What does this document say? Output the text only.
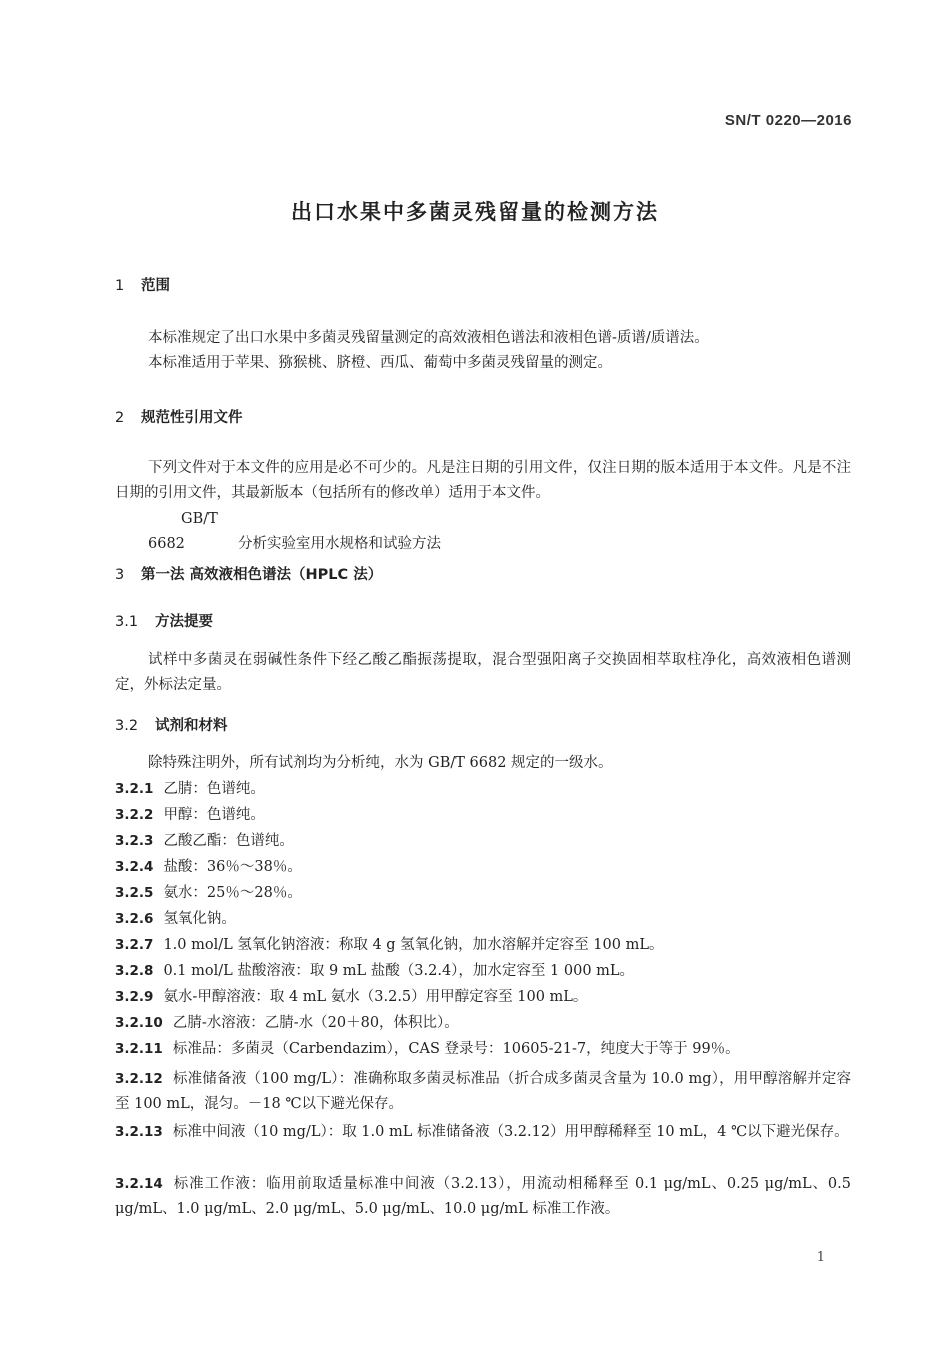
SN/T 0220—2016
出口水果中多菌灵残留量的检测方法
1 范围
本标准规定了出口水果中多菌灵残留量测定的高效液相色谱法和液相色谱-质谱/质谱法。
本标准适用于苹果、猕猴桃、脐橙、西瓜、葡萄中多菌灵残留量的测定。
2 规范性引用文件
下列文件对于本文件的应用是必不可少的。凡是注日期的引用文件，仅注日期的版本适用于本文件。凡是不注日期的引用文件，其最新版本（包括所有的修改单）适用于本文件。
GB/T 6682	分析实验室用水规格和试验方法
3 第一法 高效液相色谱法（HPLC 法）
3.1 方法提要
试样中多菌灵在弱碱性条件下经乙酸乙酯振荡提取，混合型强阳离子交换固相萃取柱净化，高效液相色谱测定，外标法定量。
3.2 试剂和材料
除特殊注明外，所有试剂均为分析纯，水为 GB/T 6682 规定的一级水。
3.2.1 乙腈：色谱纯。
3.2.2 甲醇：色谱纯。
3.2.3 乙酸乙酯：色谱纯。
3.2.4 盐酸：36％～38％。
3.2.5 氨水：25％～28％。
3.2.6 氢氧化钠。
3.2.7 1.0 mol/L 氢氧化钠溶液：称取 4 g 氢氧化钠，加水溶解并定容至 100 mL。
3.2.8 0.1 mol/L 盐酸溶液：取 9 mL 盐酸（3.2.4），加水定容至 1 000 mL。
3.2.9 氨水-甲醇溶液：取 4 mL 氨水（3.2.5）用甲醇定容至 100 mL。
3.2.10 乙腈-水溶液：乙腈-水（20＋80，体积比）。
3.2.11 标准品：多菌灵（Carbendazim），CAS 登录号：10605-21-7，纯度大于等于 99％。
3.2.12 标准储备液（100 mg/L）：准确称取多菌灵标准品（折合成多菌灵含量为 10.0 mg），用甲醇溶解并定容至 100 mL，混匀。－18 ℃以下避光保存。
3.2.13 标准中间液（10 mg/L）：取 1.0 mL 标准储备液（3.2.12）用甲醇稀释至 10 mL，4 ℃以下避光保存。
3.2.14 标准工作液：临用前取适量标准中间液（3.2.13），用流动相稀释至 0.1 μg/mL、0.25 μg/mL、0.5 μg/mL、1.0 μg/mL、2.0 μg/mL、5.0 μg/mL、10.0 μg/mL 标准工作液。
1
